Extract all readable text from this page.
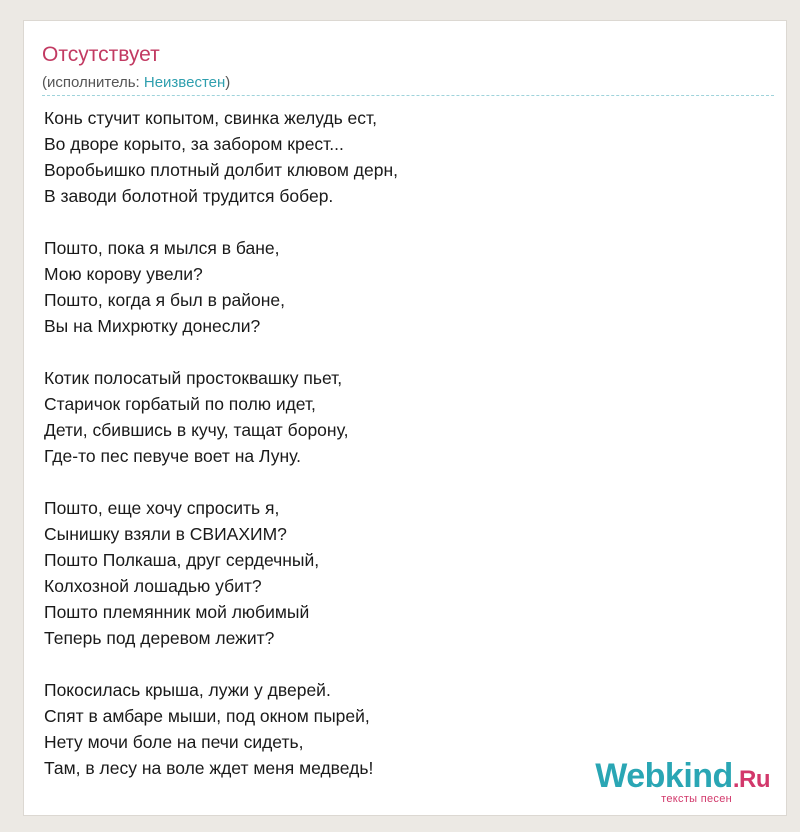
Отсутствует
(исполнитель: Неизвестен)
Конь стучит копытом, свинка желудь ест,
Во дворе корыто, за забором крест...
Воробьишко плотный долбит клювом дерн,
В заводи болотной трудится бобер.
Пошто, пока я мылся в бане,
Мою корову увели?
Пошто, когда я был в районе,
Вы на Михрютку донесли?
Котик полосатый простоквашку пьет,
Старичок горбатый по полю идет,
Дети, сбившись в кучу, тащат борону,
Где-то пес певуче воет на Луну.
Пошто, еще хочу спросить я,
Сынишку взяли в СВИАХИМ?
Пошто Полкаша, друг сердечный,
Колхозной лошадью убит?
Пошто племянник мой любимый
Теперь под деревом лежит?
Покосилась крыша, лужи у дверей.
Спят в амбаре мыши, под окном пырей,
Нету мочи боле на печи сидеть,
Там, в лесу на воле ждет меня медведь!	Webkind.Ru
тексты песен
